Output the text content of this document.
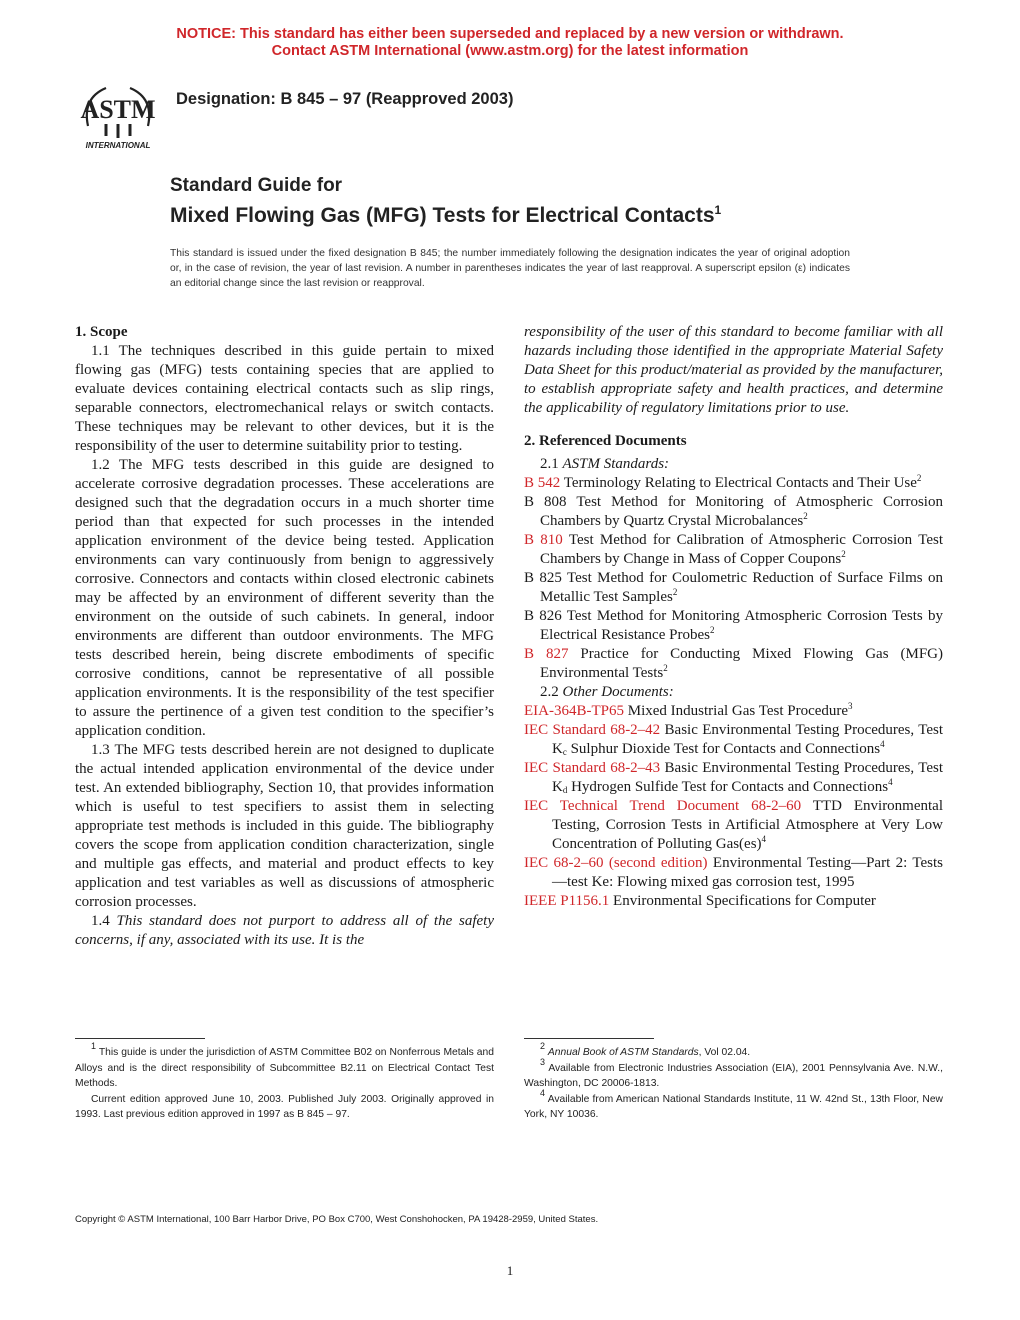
NOTICE: This standard has either been superseded and replaced by a new version or withdrawn.
Contact ASTM International (www.astm.org) for the latest information
ASTM
INTERNATIONAL
Designation: B 845 – 97 (Reapproved 2003)
Standard Guide for
Mixed Flowing Gas (MFG) Tests for Electrical Contacts$^1$
This standard is issued under the fixed designation B 845; the number immediately following the designation indicates the year of original adoption or, in the case of revision, the year of last revision. A number in parentheses indicates the year of last reapproval. A superscript epsilon (ε) indicates an editorial change since the last revision or reapproval.

1. Scope

1.1 The techniques described in this guide pertain to mixed flowing gas (MFG) tests containing species that are applied to evaluate devices containing electrical contacts such as slip rings, separable connectors, electromechanical relays or switch contacts. These techniques may be relevant to other devices, but it is the responsibility of the user to determine suitability prior to testing.

1.2 The MFG tests described in this guide are designed to accelerate corrosive degradation processes. These accelerations are designed such that the degradation occurs in a much shorter time period than that expected for such processes in the intended application environment of the device being tested. Application environments can vary continuously from benign to aggressively corrosive. Connectors and contacts within closed electronic cabinets may be affected by an environment of different severity than the environment on the outside of such cabinets. In general, indoor environments are different than outdoor environments. The MFG tests described herein, being discrete embodiments of specific corrosive conditions, cannot be representative of all possible application environments. It is the responsibility of the test specifier to assure the pertinence of a given test condition to the specifier’s application condition.

1.3 The MFG tests described herein are not designed to duplicate the actual intended application environmental of the device under test. An extended bibliography, Section 10, that provides information which is useful to test specifiers to assist them in selecting appropriate test methods is included in this guide. The bibliography covers the scope from application condition characterization, single and multiple gas effects, and material and product effects to key application and test variables as well as discussions of atmospheric corrosion processes.

1.4 This standard does not purport to address all of the safety concerns, if any, associated with its use. It is the

responsibility of the user of this standard to become familiar with all hazards including those identified in the appropriate Material Safety Data Sheet for this product/material as provided by the manufacturer, to establish appropriate safety and health practices, and determine the applicability of regulatory limitations prior to use.

2. Referenced Documents

2.1 ASTM Standards:

B 542 Terminology Relating to Electrical Contacts and Their Use$^2$

B 808 Test Method for Monitoring of Atmospheric Corrosion Chambers by Quartz Crystal Microbalances$^2$

B 810 Test Method for Calibration of Atmospheric Corrosion Test Chambers by Change in Mass of Copper Coupons$^2$

B 825 Test Method for Coulometric Reduction of Surface Films on Metallic Test Samples$^2$

B 826 Test Method for Monitoring Atmospheric Corrosion Tests by Electrical Resistance Probes$^2$

B 827 Practice for Conducting Mixed Flowing Gas (MFG) Environmental Tests$^2$

2.2 Other Documents:

EIA-364B-TP65 Mixed Industrial Gas Test Procedure$^3$

IEC Standard 68-2–42 Basic Environmental Testing Procedures, Test $K_c$ Sulphur Dioxide Test for Contacts and Connections$^4$

IEC Standard 68-2–43 Basic Environmental Testing Procedures, Test $K_d$ Hydrogen Sulfide Test for Contacts and Connections$^4$

IEC Technical Trend Document 68-2–60 TTD Environmental Testing, Corrosion Tests in Artificial Atmosphere at Very Low Concentration of Polluting Gas(es)$^4$

IEC 68-2–60 (second edition) Environmental Testing—Part 2: Tests—test Ke: Flowing mixed gas corrosion test, 1995

IEEE P1156.1 Environmental Specifications for Computer

$^1$ This guide is under the jurisdiction of ASTM Committee B02 on Nonferrous Metals and Alloys and is the direct responsibility of Subcommittee B2.11 on Electrical Contact Test Methods.

Current edition approved June 10, 2003. Published July 2003. Originally approved in 1993. Last previous edition approved in 1997 as B 845 – 97.

$^2$ Annual Book of ASTM Standards, Vol 02.04.

$^3$ Available from Electronic Industries Association (EIA), 2001 Pennsylvania Ave. N.W., Washington, DC 20006-1813.

$^4$ Available from American National Standards Institute, 11 W. 42nd St., 13th Floor, New York, NY 10036.

Copyright © ASTM International, 100 Barr Harbor Drive, PO Box C700, West Conshohocken, PA 19428-2959, United States.
1
